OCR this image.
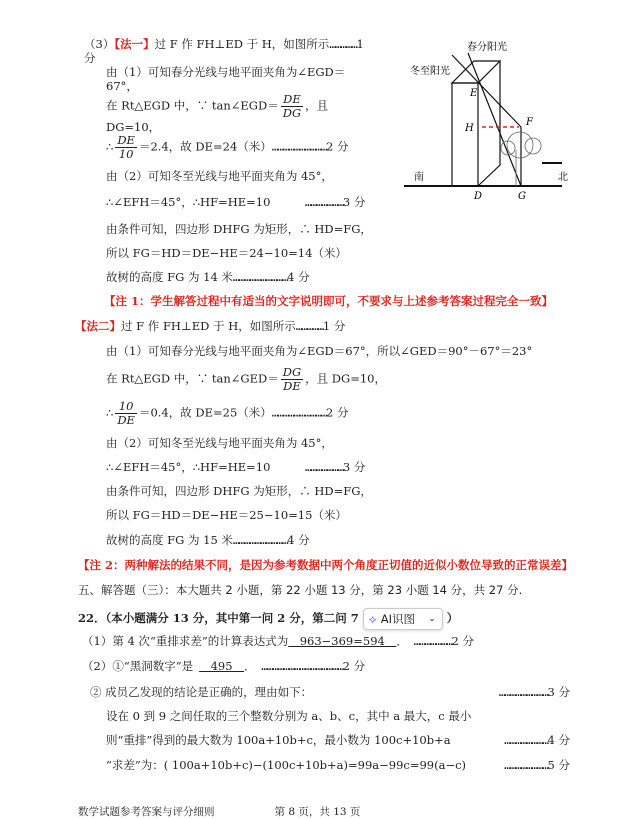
春分阳光
冬至阳光
E
H
F
D	G
南	北
（3）【法一】过 F 作 FH⊥ED 于 H，如图所示……………1 分
由（1）可知春分光线与地平面夹角为∠EGD＝67°，
在 Rt△EGD 中，∵ tan∠EGD＝ $\frac{DE}{DG}$ ，且 DG=10，
∴ $\frac{DE}{10} =2.4$，故 DE=24（米）…………………………2 分
由（2）可知冬至光线与地平面夹角为 45°，
∴∠EFH＝45°，∴HF=HE=10　　　…………………3 分
由条件可知，四边形 DHFG 为矩形，∴ HD=FG，
所以 FG＝HD＝DE−HE＝24−10=14（米）
故树的高度 FG 为 14 米…………………………4 分
【注 1：学生解答过程中有适当的文字说明即可，不要求与上述参考答案过程完全一致】
【法二】过 F 作 FH⊥ED 于 H，如图所示……………1 分
由（1）可知春分光线与地平面夹角为∠EGD＝67°，所以∠GED＝90°－67°＝23°
在 Rt△EGD 中，∵ tan∠GED＝ $\frac{DG}{DE}$ ，且 DG=10，
∴ $\frac{10}{DE} =0.4$，故 DE=25（米）…………………………2 分
由（2）可知冬至光线与地平面夹角为 45°，
∴∠EFH＝45°，∴HF=HE=10　　　…………………3 分
由条件可知，四边形 DHFG 为矩形，∴ HD=FG，
所以 FG＝HD＝DE−HE＝25−10=15（米）
故树的高度 FG 为 15 米…………………………4 分
【注 2：两种解法的结果不同，是因为参考数据中两个角度正切值的近似小数位导致的正常误差】
五、解答题（三）：本大题共 2 小题，第 22 小题 13 分，第 23 小题 14 分，共 27 分.
22．（本小题满分 13 分，其中第一问 2 分，第二问 7 ⟡ AI识图 ⌄ ）
（1）第 4 次“重排求差”的计算表达式为　963−369=594　．　…………………2 分
（2）①“黑洞数字”是　495　．　………………………………………2 分
② 成员乙发现的结论是正确的，理由如下：	………………………3 分
设在 0 到 9 之间任取的三个整数分别为 a、b、c，其中 a 最大，c 最小
则“重排”得到的最大数为 100a+10b+c，最小数为 100c+10b+a	……………………4 分
“求差”为：( 100a+10b+c)−(100c+10b+a)=99a−99c=99(a−c)	……………………5 分
数学试题参考答案与评分细则	第 8 页，共 13 页
